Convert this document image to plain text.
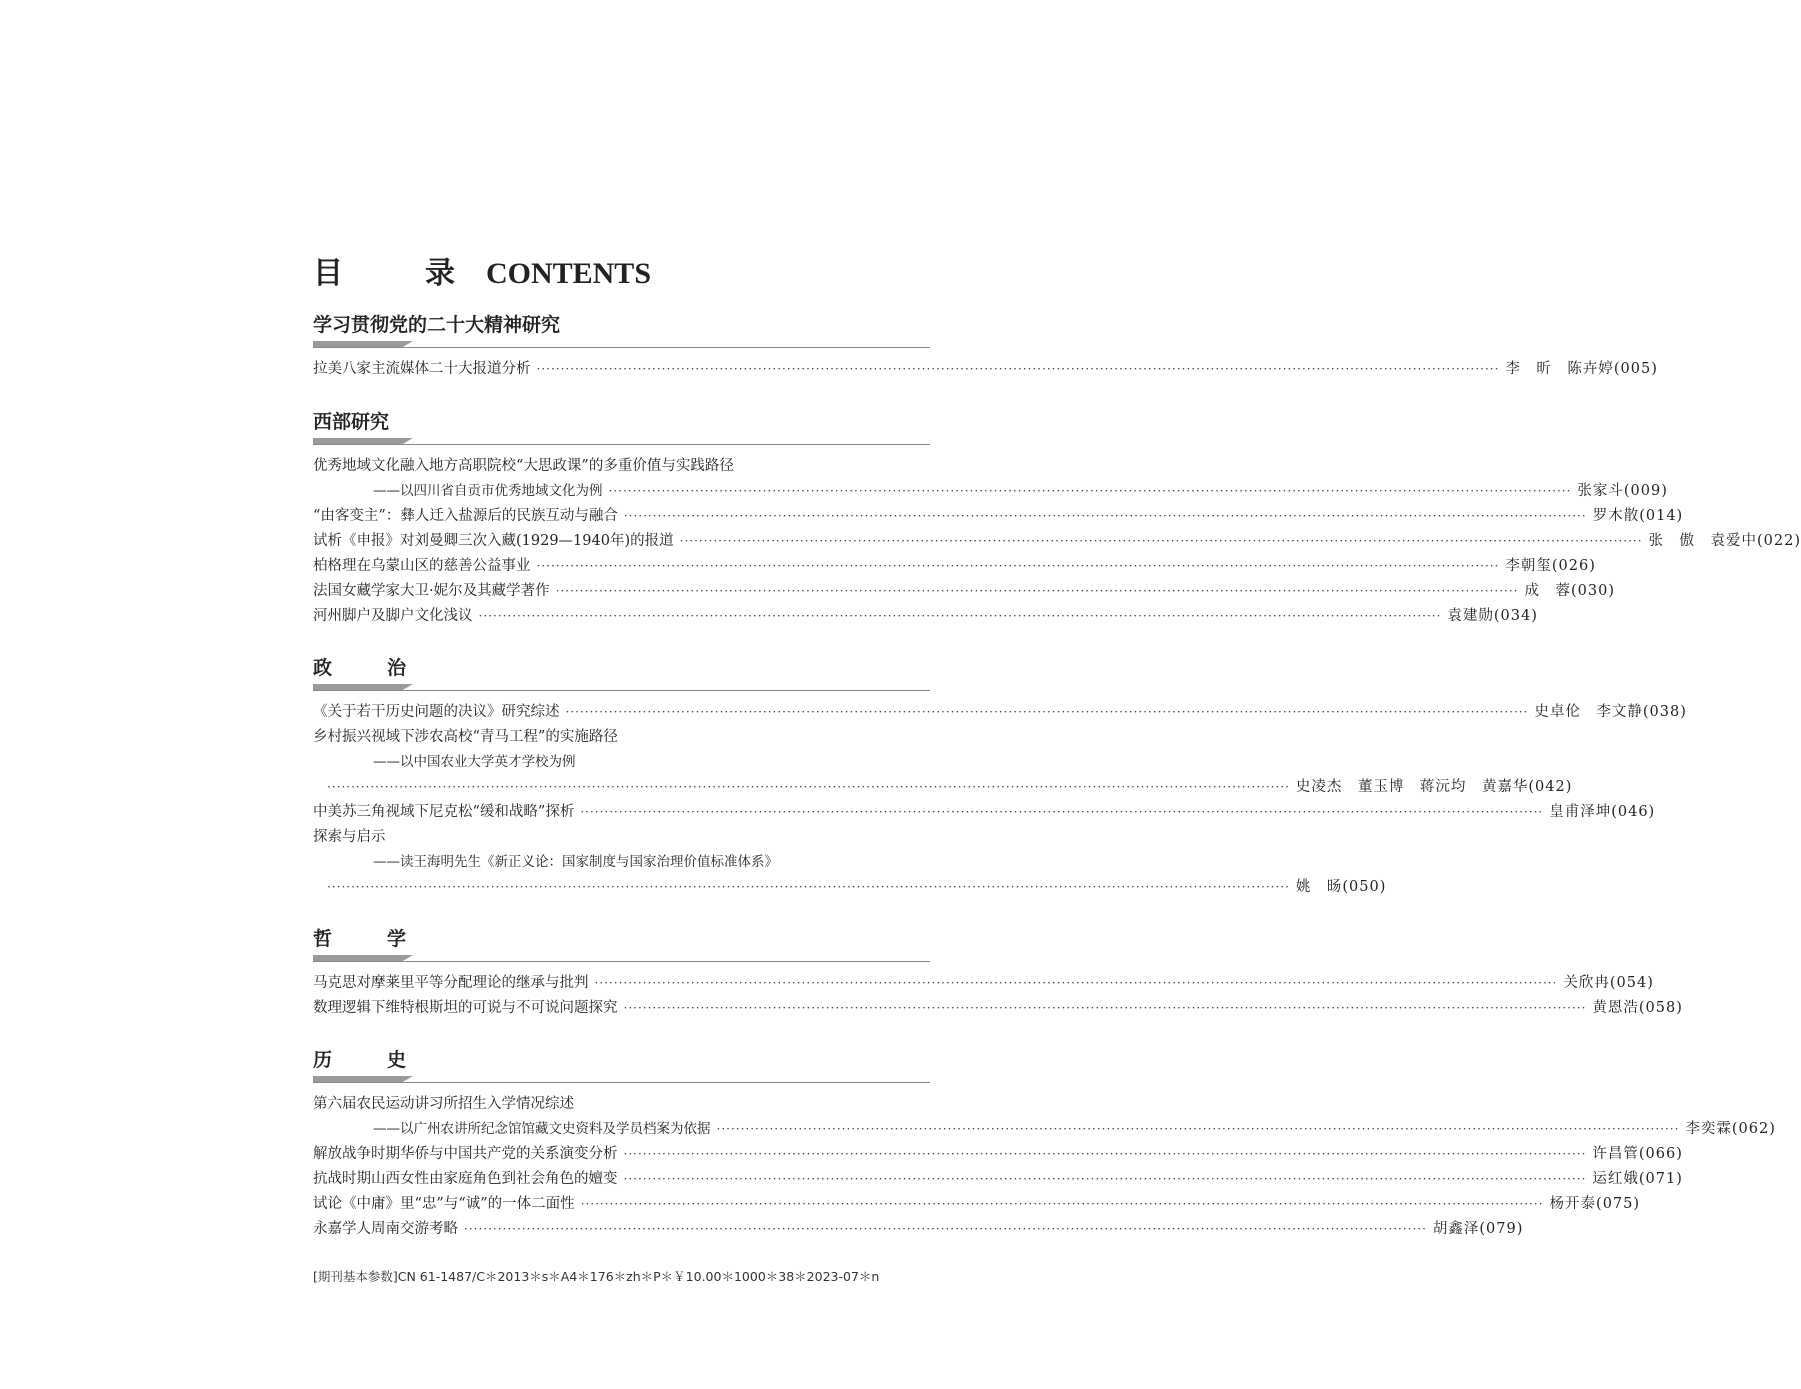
目　录 CONTENTS
学习贯彻党的二十大精神研究
拉美八家主流媒体二十大报道分析 ········································································································································································································ 李　昕　陈卉婷(005)
西部研究
优秀地域文化融入地方高职院校“大思政课”的多重价值与实践路径
——以四川省自贡市优秀地域文化为例 ········································································································································································································ 张家斗(009)
“由客变主”：彝人迁入盐源后的民族互动与融合 ········································································································································································································ 罗木散(014)
试析《申报》对刘曼卿三次入藏(1929—1940年)的报道 ········································································································································································································ 张　傲　袁爱中(022)
柏格理在乌蒙山区的慈善公益事业 ········································································································································································································ 李朝玺(026)
法国女藏学家大卫·妮尔及其藏学著作 ········································································································································································································ 成　蓉(030)
河州脚户及脚户文化浅议 ········································································································································································································ 袁建勋(034)
政　治
《关于若干历史问题的决议》研究综述 ········································································································································································································ 史卓伦　李文静(038)
乡村振兴视域下涉农高校“青马工程”的实施路径
——以中国农业大学英才学校为例
········································································································································································································ 史凌杰　董玉博　蒋沅均　黄嘉华(042)
中美苏三角视域下尼克松“缓和战略”探析 ········································································································································································································ 皇甫泽坤(046)
探索与启示
——读王海明先生《新正义论：国家制度与国家治理价值标准体系》
········································································································································································································ 姚　旸(050)
哲　学
马克思对摩莱里平等分配理论的继承与批判 ········································································································································································································ 关欣冉(054)
数理逻辑下维特根斯坦的可说与不可说问题探究 ········································································································································································································ 黄恩浩(058)
历　史
第六届农民运动讲习所招生入学情况综述
——以广州农讲所纪念馆馆藏文史资料及学员档案为依据 ········································································································································································································ 李奕霖(062)
解放战争时期华侨与中国共产党的关系演变分析 ········································································································································································································ 许昌管(066)
抗战时期山西女性由家庭角色到社会角色的嬗变 ········································································································································································································ 运红娥(071)
试论《中庸》里“忠”与“诚”的一体二面性 ········································································································································································································ 杨开泰(075)
永嘉学人周南交游考略 ········································································································································································································ 胡鑫泽(079)
[期刊基本参数]CN 61-1487/C＊2013＊s＊A4＊176＊zh＊P＊￥10.00＊1000＊38＊2023-07＊n
